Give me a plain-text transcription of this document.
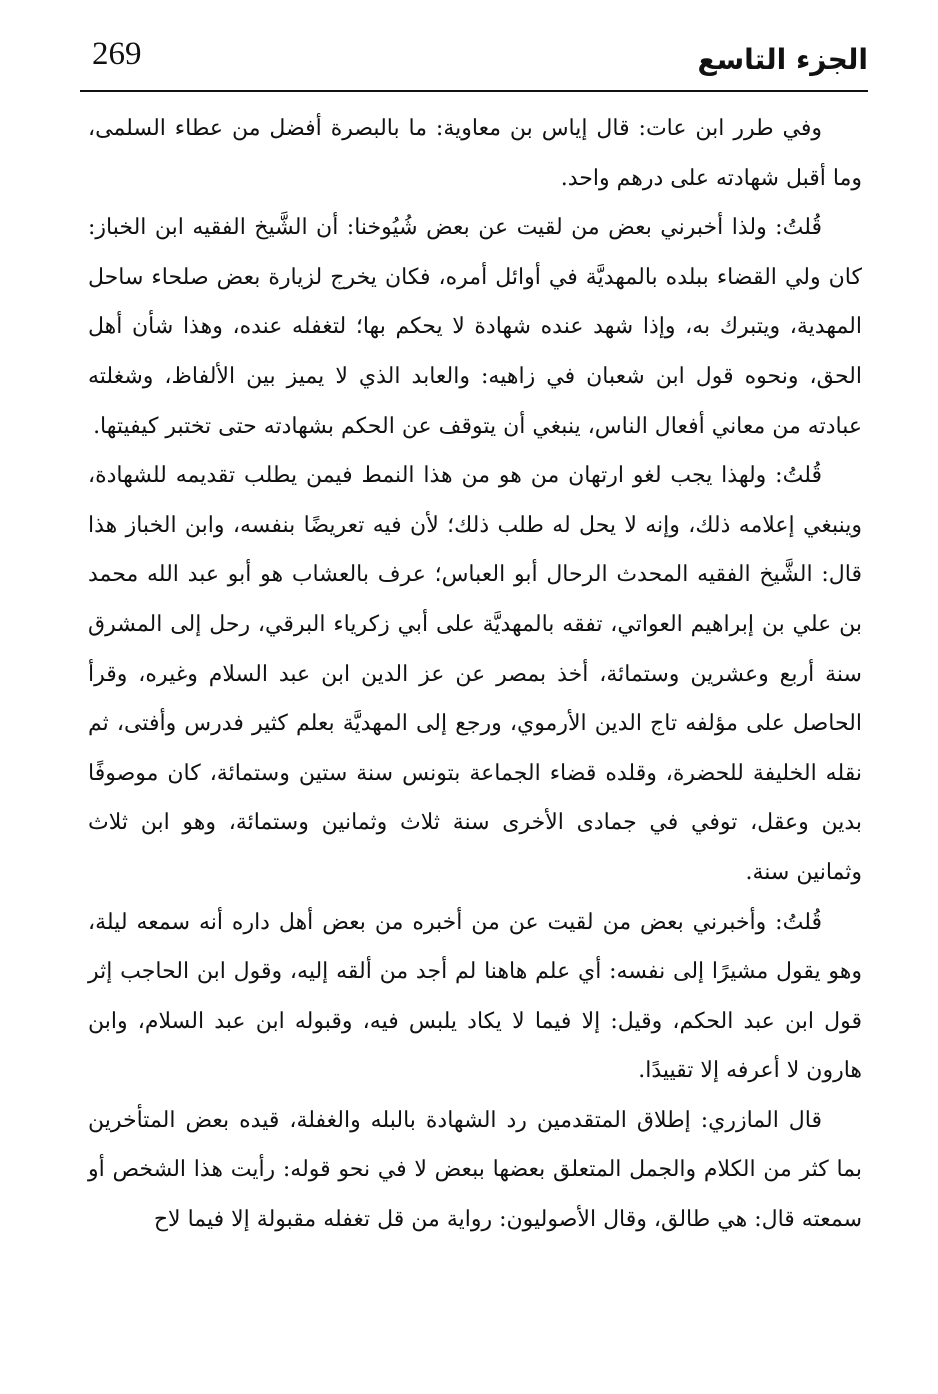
269	الجزء التاسع

وفي طرر ابن عات: قال إياس بن معاوية: ما بالبصرة أفضل من عطاء السلمى، وما أقبل شهادته على درهم واحد.

قُلتُ: ولذا أخبرني بعض من لقيت عن بعض شُيُوخنا: أن الشَّيخ الفقيه ابن الخباز: كان ولي القضاء ببلده بالمهديَّة في أوائل أمره، فكان يخرج لزيارة بعض صلحاء ساحل المهدية، ويتبرك به، وإذا شهد عنده شهادة لا يحكم بها؛ لتغفله عنده، وهذا شأن أهل الحق، ونحوه قول ابن شعبان في زاهيه: والعابد الذي لا يميز بين الألفاظ، وشغلته عبادته من معاني أفعال الناس، ينبغي أن يتوقف عن الحكم بشهادته حتى تختبر كيفيتها.

قُلتُ: ولهذا يجب لغو ارتهان من هو من هذا النمط فيمن يطلب تقديمه للشهادة، وينبغي إعلامه ذلك، وإنه لا يحل له طلب ذلك؛ لأن فيه تعريضًا بنفسه، وابن الخباز هذا قال: الشَّيخ الفقيه المحدث الرحال أبو العباس؛ عرف بالعشاب هو أبو عبد الله محمد بن علي بن إبراهيم العواتي، تفقه بالمهديَّة على أبي زكرياء البرقي، رحل إلى المشرق سنة أربع وعشرين وستمائة، أخذ بمصر عن عز الدين ابن عبد السلام وغيره، وقرأ الحاصل على مؤلفه تاج الدين الأرموي، ورجع إلى المهديَّة بعلم كثير فدرس وأفتى، ثم نقله الخليفة للحضرة، وقلده قضاء الجماعة بتونس سنة ستين وستمائة، كان موصوفًا بدين وعقل، توفي في جمادى الأخرى سنة ثلاث وثمانين وستمائة، وهو ابن ثلاث وثمانين سنة.

قُلتُ: وأخبرني بعض من لقيت عن من أخبره من بعض أهل داره أنه سمعه ليلة، وهو يقول مشيرًا إلى نفسه: أي علم هاهنا لم أجد من ألقه إليه، وقول ابن الحاجب إثر قول ابن عبد الحكم، وقيل: إلا فيما لا يكاد يلبس فيه، وقبوله ابن عبد السلام، وابن هارون لا أعرفه إلا تقييدًا.

قال المازري: إطلاق المتقدمين رد الشهادة بالبله والغفلة، قيده بعض المتأخرين بما كثر من الكلام والجمل المتعلق بعضها ببعض لا في نحو قوله: رأيت هذا الشخص أو سمعته قال: هي طالق، وقال الأصوليون: رواية من قل تغفله مقبولة إلا فيما لاح
